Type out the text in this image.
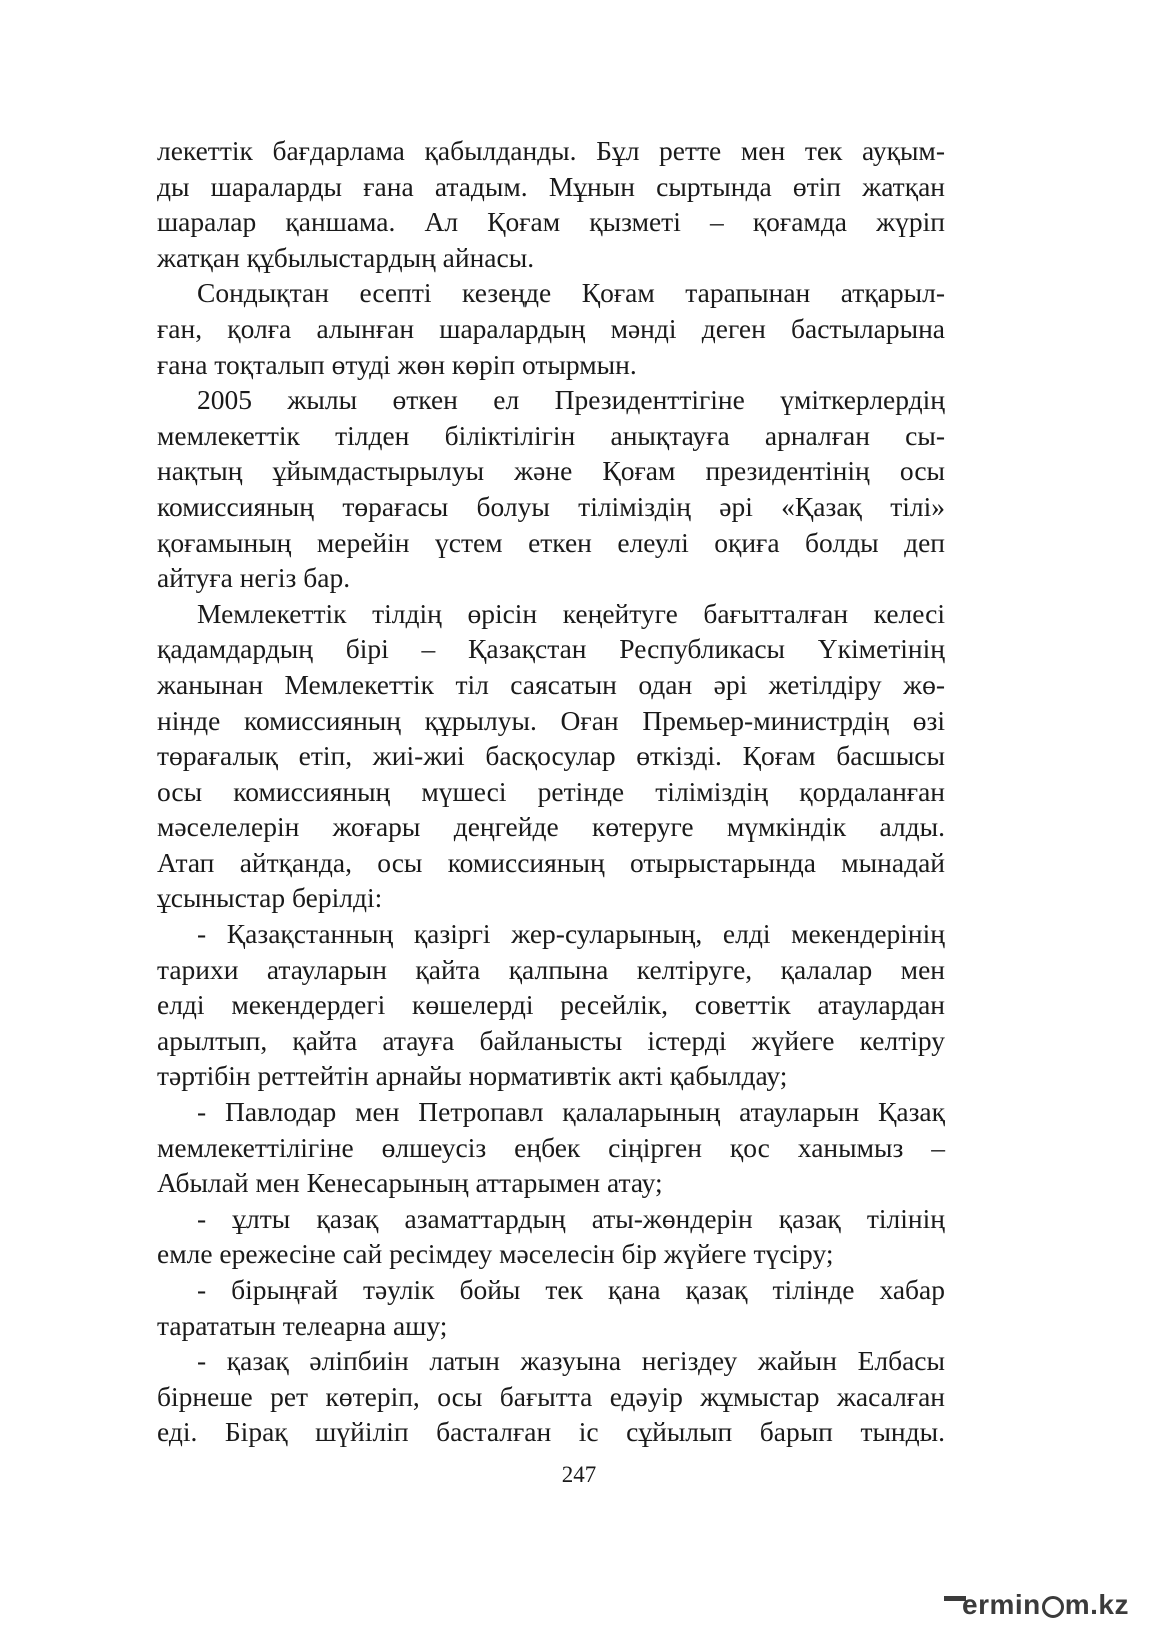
лекеттік бағдарлама қабылданды. Бұл ретте мен тек ауқым-

ды шараларды ғана атадым. Мұнын сыртында өтіп жатқан

шаралар қаншама. Ал Қоғам қызметі – қоғамда жүріп

жатқан құбылыстардың айнасы.

Сондықтан есепті кезеңде Қоғам тарапынан атқарыл-

ған, қолға алынған шаралардың мәнді деген бастыларына

ғана тоқталып өтуді жөн көріп отырмын.

2005 жылы өткен ел Президенттігіне үміткерлердің

мемлекеттік тілден біліктілігін анықтауға арналған сы-

нақтың ұйымдастырылуы және Қоғам президентінің осы

комиссияның төрағасы болуы тіліміздің әрі «Қазақ тілі»

қоғамының мерейін үстем еткен елеулі оқиға болды деп

айтуға негіз бар.

Мемлекеттік тілдің өрісін кеңейтуге бағытталған келесі

қадамдардың бірі – Қазақстан Республикасы Үкіметінің

жанынан Мемлекеттік тіл саясатын одан әрі жетілдіру жө-

нінде комиссияның құрылуы. Оған Премьер-министрдің өзі

төрағалық етіп, жиі-жиі басқосулар өткізді. Қоғам басшысы

осы комиссияның мүшесі ретінде тіліміздің қордаланған

мәселелерін жоғары деңгейде көтеруге мүмкіндік алды.

Атап айтқанда, осы комиссияның отырыстарында мынадай

ұсыныстар берілді:

- Қазақстанның қазіргі жер-суларының, елді мекендерінің

тарихи атауларын қайта қалпына келтіруге, қалалар мен

елді мекендердегі көшелерді ресейлік, советтік атаулардан

арылтып, қайта атауға байланысты істерді жүйеге келтіру

тәртібін реттейтін арнайы нормативтік акті қабылдау;

- Павлодар мен Петропавл қалаларының атауларын Қазақ

мемлекеттілігіне өлшеусіз еңбек сіңірген қос ханымыз –

Абылай мен Кенесарының аттарымен атау;

- ұлты қазақ азаматтардың аты-жөндерін қазақ тілінің

емле ережесіне сай ресімдеу мәселесін бір жүйеге түсіру;

- бірыңғай тәулік бойы тек қана қазақ тілінде хабар

тарататын телеарна ашу;

- қазақ әліпбиін латын жазуына негіздеу жайын Елбасы

бірнеше рет көтеріп, осы бағытта едәуір жұмыстар жасалған

еді. Бірақ шүйіліп басталған іс сұйылып барып тынды.

247
ermin m.kz
